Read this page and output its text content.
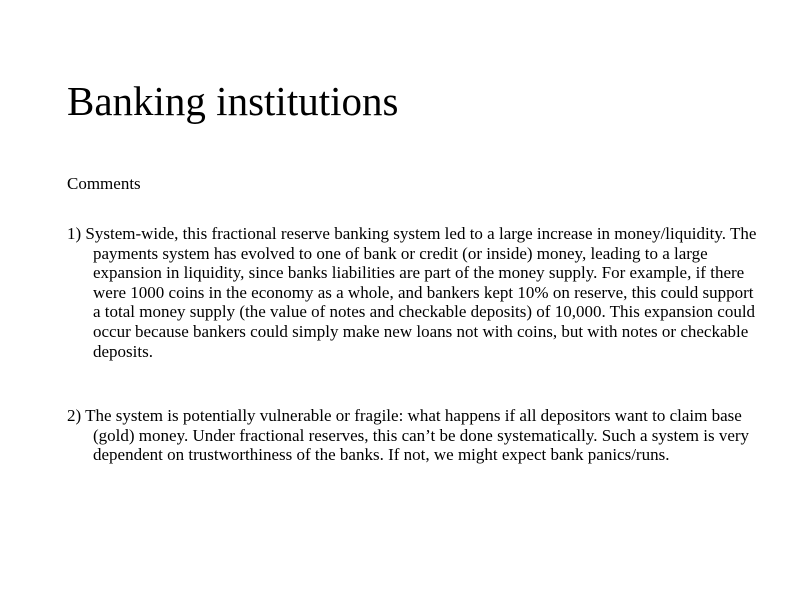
Banking institutions

Comments

1) System-wide, this fractional reserve banking system led to a large increase in money/liquidity. The payments system has evolved to one of bank or credit (or inside) money, leading to a large expansion in liquidity, since banks liabilities are part of the money supply. For example, if there were 1000 coins in the economy as a whole, and bankers kept 10% on reserve, this could support a total money supply (the value of notes and checkable deposits) of 10,000. This expansion could occur because bankers could simply make new loans not with coins, but with notes or checkable deposits.

2) The system is potentially vulnerable or fragile: what happens if all depositors want to claim base (gold) money. Under fractional reserves, this can’t be done systematically. Such a system is very dependent on trustworthiness of the banks. If not, we might expect bank panics/runs.
